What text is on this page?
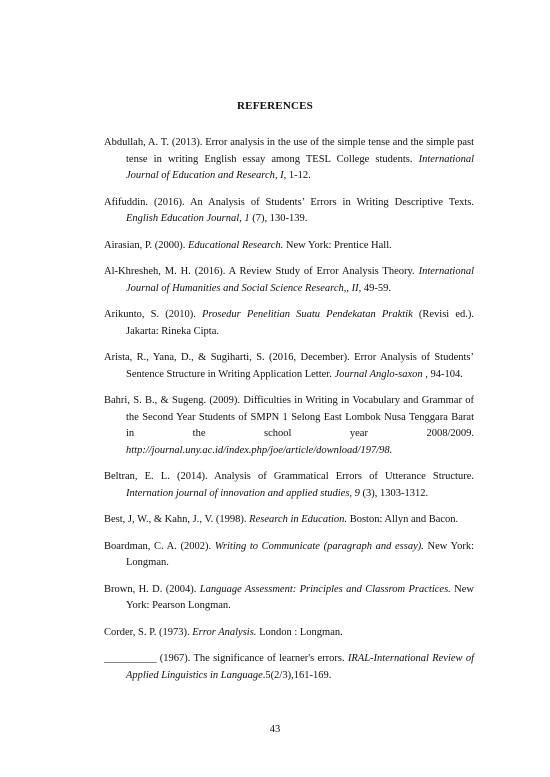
REFERENCES

Abdullah, A. T. (2013). Error analysis in the use of the simple tense and the simple past tense in writing English essay among TESL College students. International Journal of Education and Research, I, 1-12.

Afifuddin. (2016). An Analysis of Students’ Errors in Writing Descriptive Texts. English Education Journal, 1 (7), 130-139.

Airasian, P. (2000). Educational Research. New York: Prentice Hall.

Al-Khresheh, M. H. (2016). A Review Study of Error Analysis Theory. International Journal of Humanities and Social Science Research,, II, 49-59.

Arikunto, S. (2010). Prosedur Penelitian Suatu Pendekatan Praktik (Revisi ed.). Jakarta: Rineka Cipta.

Arista, R., Yana, D., & Sugiharti, S. (2016, December). Error Analysis of Students’ Sentence Structure in Writing Application Letter. Journal Anglo-saxon , 94-104.

Bahri, S. B., & Sugeng. (2009). Difficulties in Writing in Vocabulary and Grammar of the Second Year Students of SMPN 1 Selong East Lombok Nusa Tenggara Barat in the school year 2008/2009. http://journal.uny.ac.id/index.php/joe/article/download/197/98.

Beltran, E. L. (2014). Analysis of Grammatical Errors of Utterance Structure. Internation journal of innovation and applied studies, 9 (3), 1303-1312.

Best, J, W., & Kahn, J., V. (1998). Research in Education. Boston: Allyn and Bacon.

Boardman, C. A. (2002). Writing to Communicate (paragraph and essay). New York: Longman.

Brown, H. D. (2004). Language Assessment: Principles and Classrom Practices. New York: Pearson Longman.

Corder, S. P. (1973). Error Analysis. London : Longman.

__________ (1967). The significance of learner's errors. IRAL-International Review of Applied Linguistics in Language.5(2/3),161-169.

43
